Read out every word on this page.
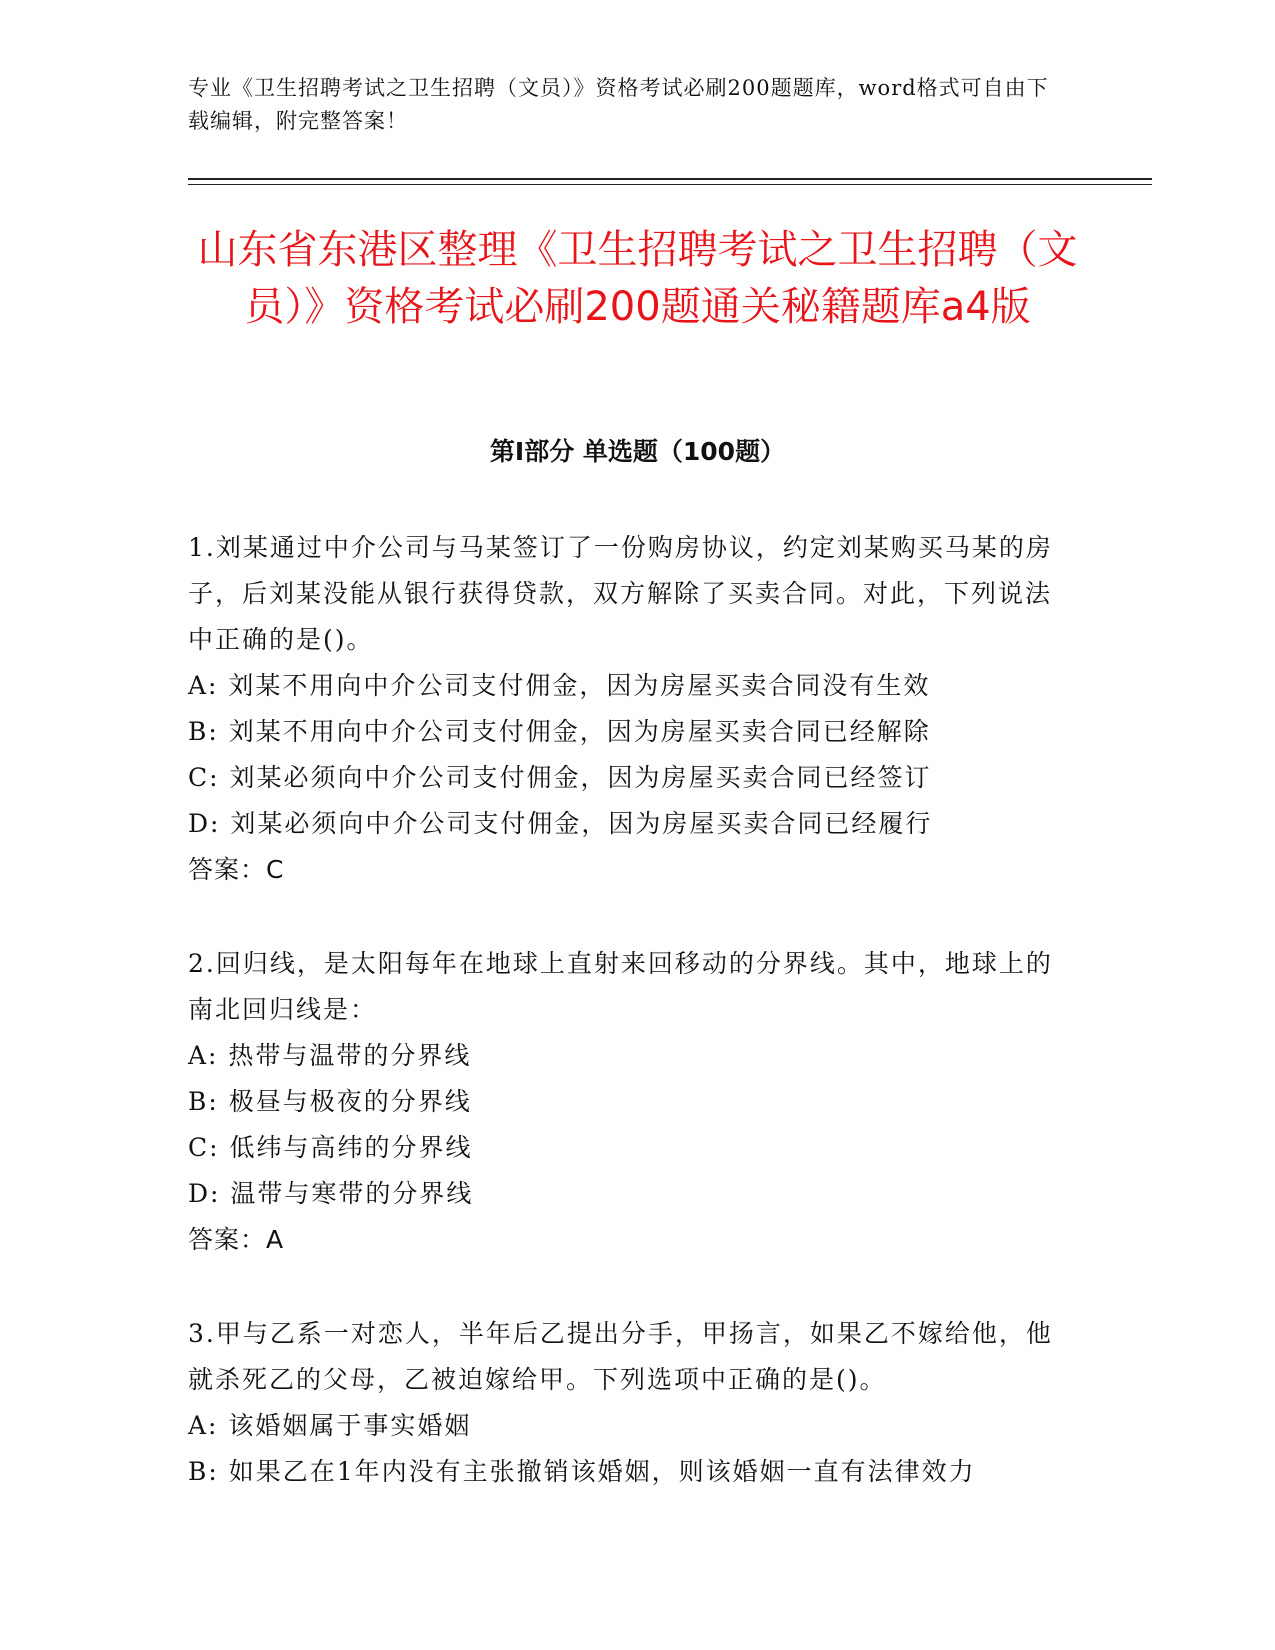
专业《卫生招聘考试之卫生招聘（文员）》资格考试必刷200题题库，word格式可自由下载编辑，附完整答案！
山东省东港区整理《卫生招聘考试之卫生招聘（文员）》资格考试必刷200题通关秘籍题库a4版
第I部分 单选题（100题）
1.刘某通过中介公司与马某签订了一份购房协议，约定刘某购买马某的房子，后刘某没能从银行获得贷款，双方解除了买卖合同。对此，下列说法中正确的是()。
A: 刘某不用向中介公司支付佣金，因为房屋买卖合同没有生效
B: 刘某不用向中介公司支付佣金，因为房屋买卖合同已经解除
C: 刘某必须向中介公司支付佣金，因为房屋买卖合同已经签订
D: 刘某必须向中介公司支付佣金，因为房屋买卖合同已经履行
答案：C
2.回归线，是太阳每年在地球上直射来回移动的分界线。其中，地球上的南北回归线是：
A: 热带与温带的分界线
B: 极昼与极夜的分界线
C: 低纬与高纬的分界线
D: 温带与寒带的分界线
答案：A
3.甲与乙系一对恋人，半年后乙提出分手，甲扬言，如果乙不嫁给他，他就杀死乙的父母，乙被迫嫁给甲。下列选项中正确的是()。
A: 该婚姻属于事实婚姻
B: 如果乙在1年内没有主张撤销该婚姻，则该婚姻一直有法律效力
